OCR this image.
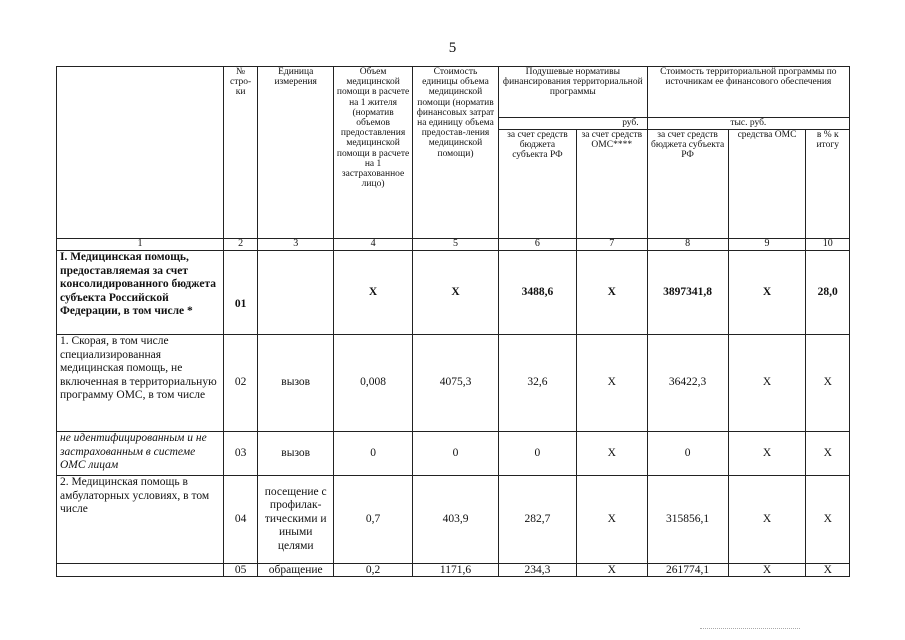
5
	№ стро-ки	Единица измерения	Объем медицинской помощи в расчете на 1 жителя (норматив объемов предоставления медицинской помощи в расчете на 1 застрахованное лицо)	Стоимость единицы объема медицинской помощи (норматив финансовых затрат на единицу объема предостав-ления медицинской помощи)	Подушевые нормативы финансирования территориальной программы		Стоимость территориальной программы по источникам ее финансового обеспечения		
					руб.		тыс. руб.		
					за счет средств бюджета субъекта РФ	за счет средств ОМС****	за счет средств бюджета субъекта РФ	средства ОМС	в % к итогу
1	2	3	4	5	6	7	8	9	10
I. Медицинская помощь, предоставляемая за счет консолидированного бюджета субъекта Российской Федерации, в том числе *	01		X	X	3488,6	X	3897341,8	X	28,0
1. Скорая, в том числе специализированная медицинская помощь, не включенная в территориальную программу ОМС, в том числе	02	вызов	0,008	4075,3	32,6	X	36422,3	X	X
не идентифицированным и не застрахованным в системе ОМС лицам	03	вызов	0	0	0	X	0	X	X
2. Медицинская помощь в амбулаторных условиях, в том числе	04	посещение с профилак-тическими и иными целями	0,7	403,9	282,7	X	315856,1	X	X
	05	обращение	0,2	1171,6	234,3	X	261774,1	X	X
